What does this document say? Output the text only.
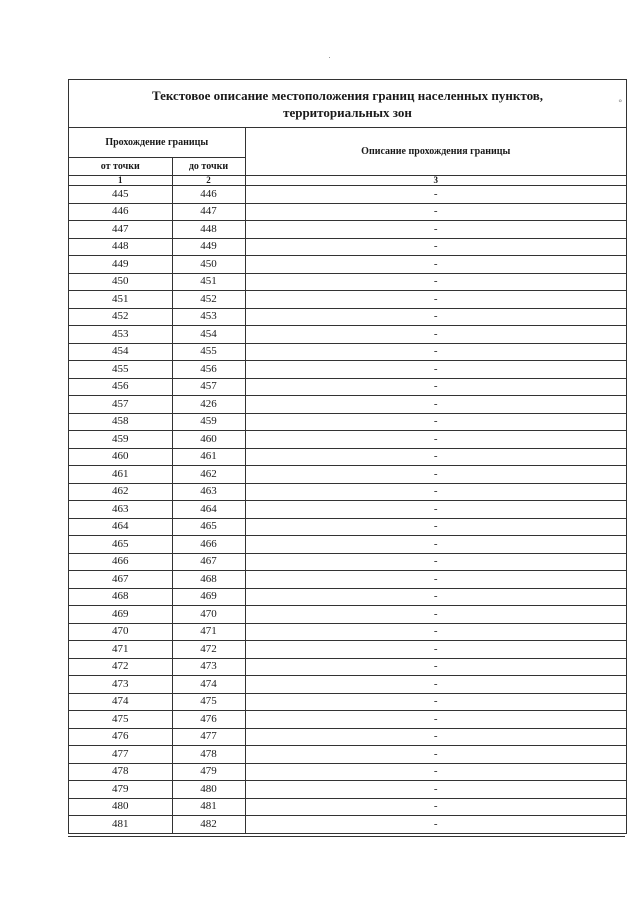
°
Текстовое описание местоположения границ населенных пунктов,
территориальных зон
Прохождение границы		Описание прохождения границы
от точки	до точки	
1	2	3
445	446	-
446	447	-
447	448	-
448	449	-
449	450	-
450	451	-
451	452	-
452	453	-
453	454	-
454	455	-
455	456	-
456	457	-
457	426	-
458	459	-
459	460	-
460	461	-
461	462	-
462	463	-
463	464	-
464	465	-
465	466	-
466	467	-
467	468	-
468	469	-
469	470	-
470	471	-
471	472	-
472	473	-
473	474	-
474	475	-
475	476	-
476	477	-
477	478	-
478	479	-
479	480	-
480	481	-
481	482	-
